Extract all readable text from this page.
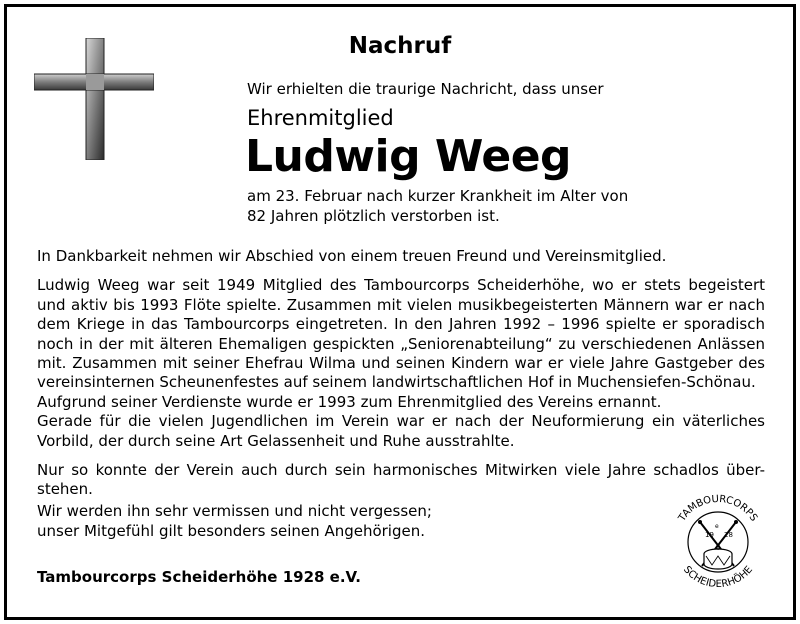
Nachruf
Wir erhielten die traurige Nachricht, dass unser
Ehrenmitglied
Ludwig Weeg
am 23. Februar nach kurzer Krankheit im Alter von
82 Jahren plötzlich verstorben ist.

In Dankbarkeit nehmen wir Abschied von einem treuen Freund und Vereinsmitglied.

Ludwig Weeg war seit 1949 Mitglied des Tambourcorps Scheiderhöhe, wo er stets begeistert
und aktiv bis 1993 Flöte spielte. Zusammen mit vielen musikbegeisterten Männern war er nach
dem Kriege in das Tambourcorps eingetreten. In den Jahren 1992 – 1996 spielte er sporadisch
noch in der mit älteren Ehemaligen gespickten „Seniorenabteilung“ zu verschiedenen Anlässen
mit. Zusammen mit seiner Ehefrau Wilma und seinen Kindern war er viele Jahre Gastgeber des
vereinsinternen Scheunenfestes auf seinem landwirtschaftlichen Hof in Muchensiefen-Schönau.
Aufgrund seiner Verdienste wurde er 1993 zum Ehrenmitglied des Vereins ernannt.
Gerade für die vielen Jugendlichen im Verein war er nach der Neuformierung ein väterliches
Vorbild, der durch seine Art Gelassenheit und Ruhe ausstrahlte.

Nur so konnte der Verein auch durch sein harmonisches Mitwirken viele Jahre schadlos über-
stehen.

Wir werden ihn sehr vermissen und nicht vergessen;
unser Mitgefühl gilt besonders seinen Angehörigen.
Tambourcorps Scheiderhöhe 1928 e.V.
TAMBOURCORPS
SCHEIDERHÖHE
19 28
e
V
